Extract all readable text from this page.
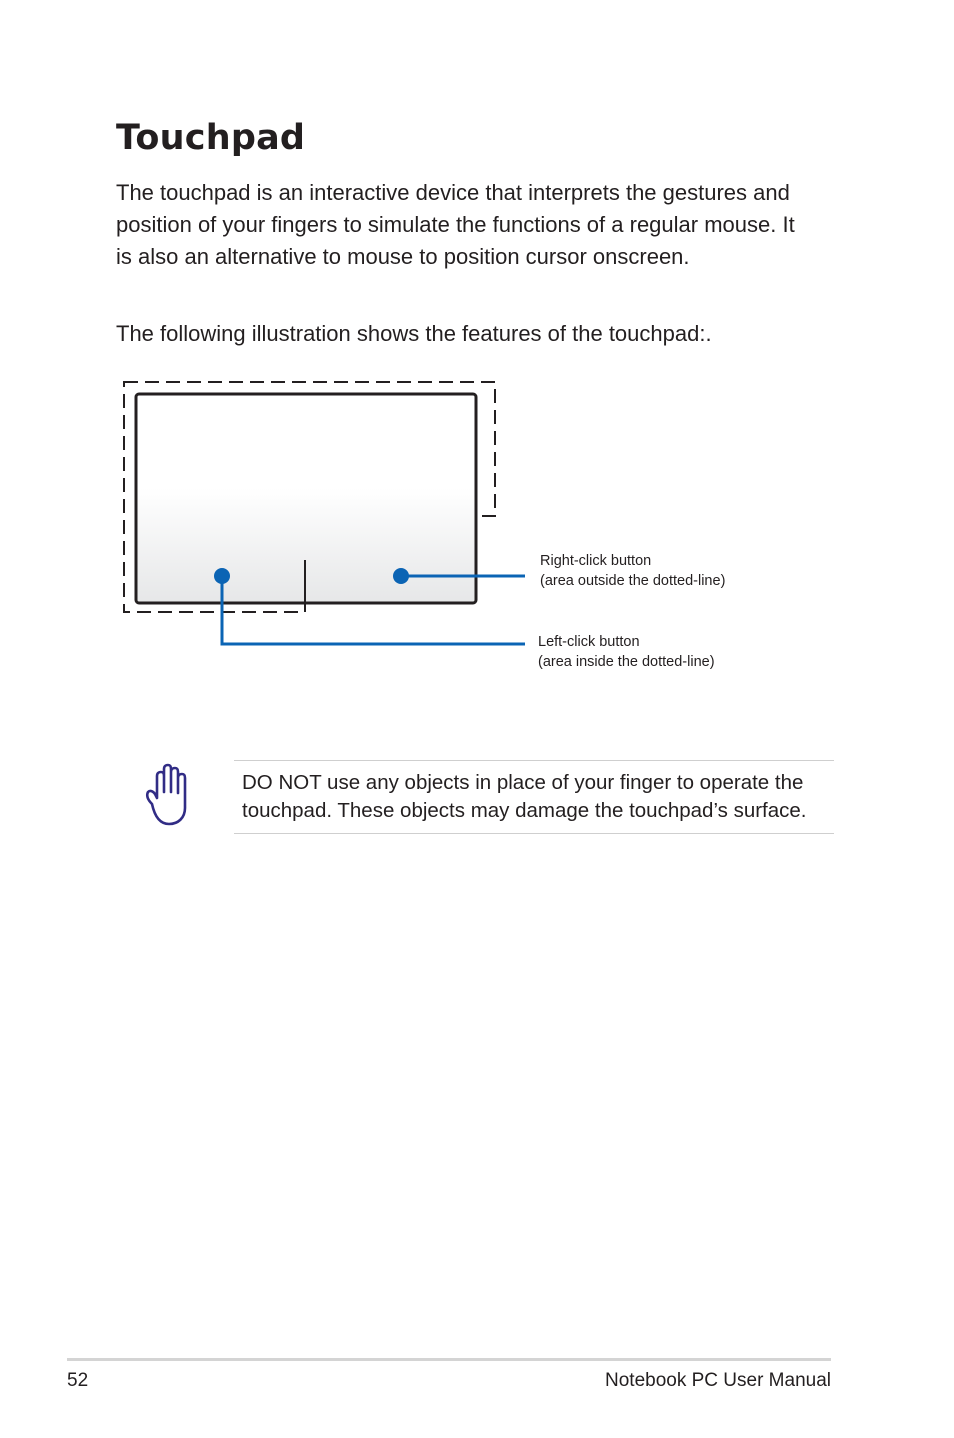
Touchpad

The touchpad is an interactive device that interprets the gestures and position of your fingers to simulate the functions of a regular mouse. It is also an alternative to mouse to position cursor onscreen.

The following illustration shows the features of the touchpad:.

Right-click button
(area outside the dotted-line)
Left-click button
(area inside the dotted-line)

DO NOT use any objects in place of your finger to operate the touchpad. These objects may damage the touchpad’s surface.

52	Notebook PC User Manual
